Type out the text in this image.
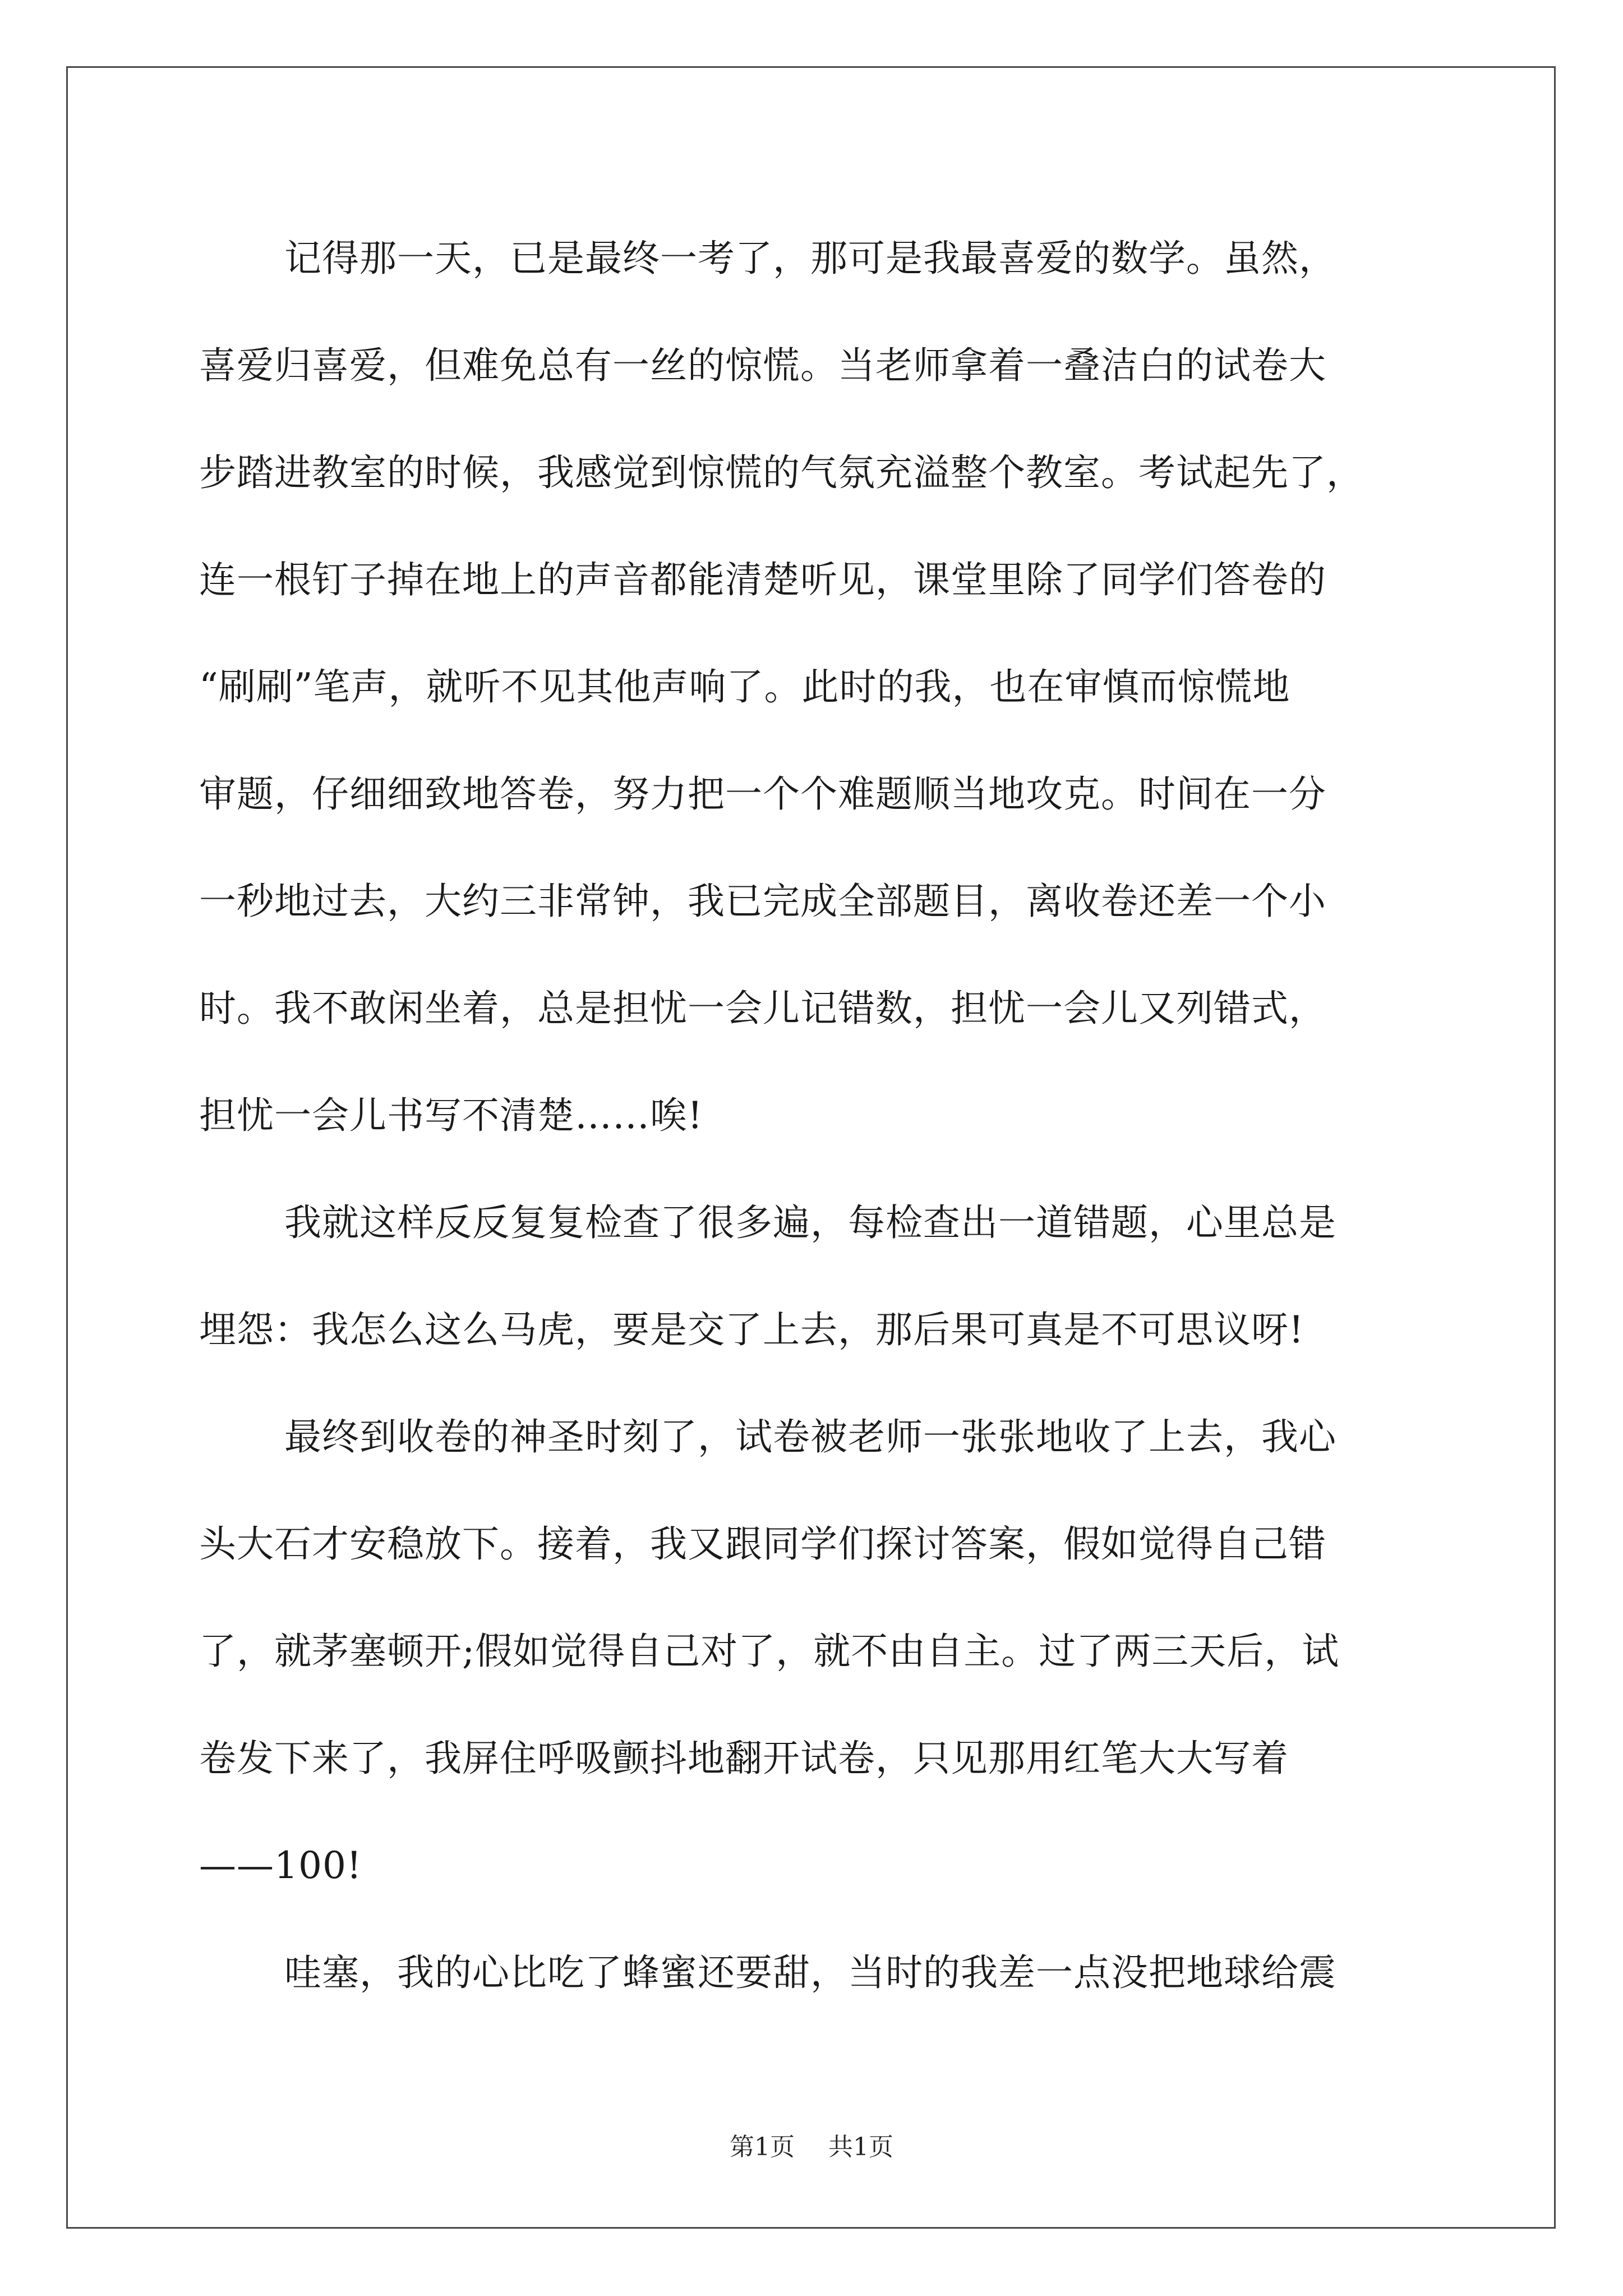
记得那一天，已是最终一考了，那可是我最喜爱的数学。虽然，
喜爱归喜爱，但难免总有一丝的惊慌。当老师拿着一叠洁白的试卷大
步踏进教室的时候，我感觉到惊慌的气氛充溢整个教室。考试起先了，
连一根钉子掉在地上的声音都能清楚听见，课堂里除了同学们答卷的
“刷刷”笔声，就听不见其他声响了。此时的我，也在审慎而惊慌地
审题，仔细细致地答卷，努力把一个个难题顺当地攻克。时间在一分
一秒地过去，大约三非常钟，我已完成全部题目，离收卷还差一个小
时。我不敢闲坐着，总是担忧一会儿记错数，担忧一会儿又列错式，
担忧一会儿书写不清楚……唉!
我就这样反反复复检查了很多遍，每检查出一道错题，心里总是
埋怨：我怎么这么马虎，要是交了上去，那后果可真是不可思议呀!
最终到收卷的神圣时刻了，试卷被老师一张张地收了上去，我心
头大石才安稳放下。接着，我又跟同学们探讨答案，假如觉得自己错
了，就茅塞顿开;假如觉得自己对了，就不由自主。过了两三天后，试
卷发下来了，我屏住呼吸颤抖地翻开试卷，只见那用红笔大大写着
——100!
哇塞，我的心比吃了蜂蜜还要甜，当时的我差一点没把地球给震
第1页 共1页
